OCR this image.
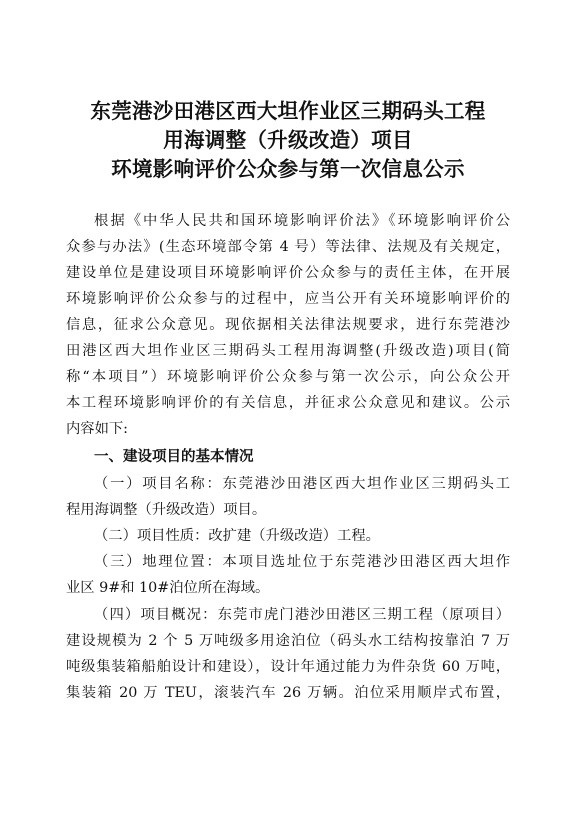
东莞港沙田港区西大坦作业区三期码头工程
用海调整（升级改造）项目
环境影响评价公众参与第一次信息公示
根据《中华人民共和国环境影响评价法》《环境影响评价公
众参与办法》(生态环境部令第 4 号）等法律、法规及有关规定，
建设单位是建设项目环境影响评价公众参与的责任主体，在开展
环境影响评价公众参与的过程中，应当公开有关环境影响评价的
信息，征求公众意见。现依据相关法律法规要求，进行东莞港沙
田港区西大坦作业区三期码头工程用海调整(升级改造)项目(简
称“本项目”）环境影响评价公众参与第一次公示，向公众公开
本工程环境影响评价的有关信息，并征求公众意见和建议。公示
内容如下:
一、建设项目的基本情况
（一）项目名称：东莞港沙田港区西大坦作业区三期码头工
程用海调整（升级改造）项目。
（二）项目性质：改扩建（升级改造）工程。
（三）地理位置：本项目选址位于东莞港沙田港区西大坦作
业区 9#和 10#泊位所在海域。
（四）项目概况：东莞市虎门港沙田港区三期工程（原项目）
建设规模为 2 个 5 万吨级多用途泊位（码头水工结构按靠泊 7 万
吨级集装箱船舶设计和建设），设计年通过能力为件杂货 60 万吨，
集装箱 20 万 TEU，滚装汽车 26 万辆。泊位采用顺岸式布置，
